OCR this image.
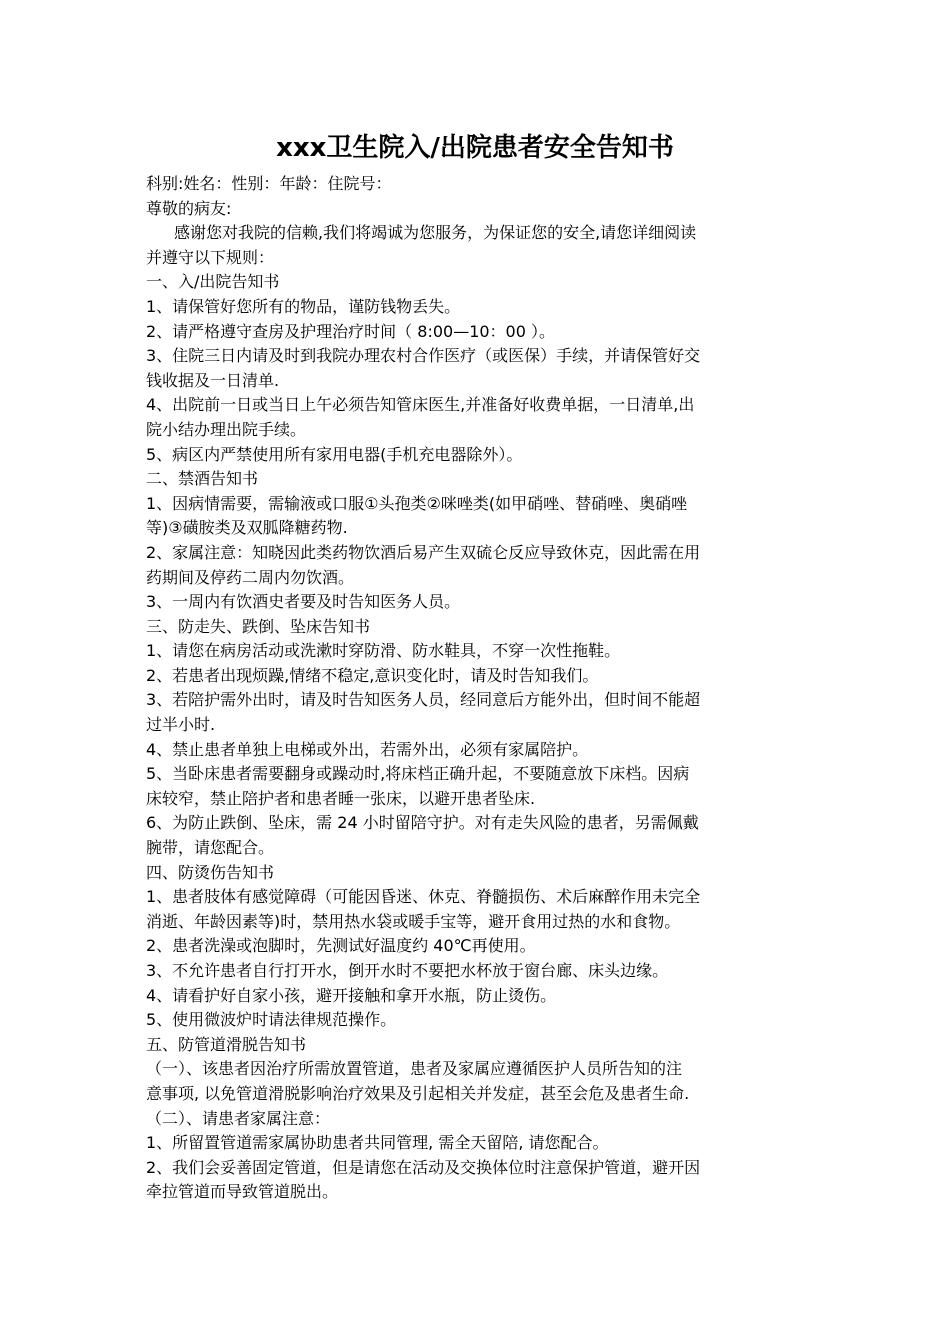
xxx卫生院入/出院患者安全告知书

科别:姓名：性别：年龄：住院号：

尊敬的病友:

感谢您对我院的信赖,我们将竭诚为您服务，为保证您的安全,请您详细阅读

并遵守以下规则：

一、入/出院告知书

1、请保管好您所有的物品，谨防钱物丢失。

2、请严格遵守查房及护理治疗时间（ 8:00—10：00 ）。

3、住院三日内请及时到我院办理农村合作医疗（或医保）手续，并请保管好交

钱收据及一日清单.

4、出院前一日或当日上午必须告知管床医生,并准备好收费单据，一日清单,出

院小结办理出院手续。

5、病区内严禁使用所有家用电器(手机充电器除外）。

二、禁酒告知书

1、因病情需要，需输液或口服①头孢类②咪唑类(如甲硝唑、替硝唑、奥硝唑

等)③磺胺类及双胍降糖药物.

2、家属注意：知晓因此类药物饮酒后易产生双硫仑反应导致休克，因此需在用

药期间及停药二周内勿饮酒。

3、一周内有饮酒史者要及时告知医务人员。

三、防走失、跌倒、坠床告知书

1、请您在病房活动或洗漱时穿防滑、防水鞋具，不穿一次性拖鞋。

2、若患者出现烦躁,情绪不稳定,意识变化时，请及时告知我们。

3、若陪护需外出时，请及时告知医务人员，经同意后方能外出，但时间不能超

过半小时.

4、禁止患者单独上电梯或外出，若需外出，必须有家属陪护。

5、当卧床患者需要翻身或躁动时,将床档正确升起，不要随意放下床档。因病

床较窄，禁止陪护者和患者睡一张床，以避开患者坠床.

6、为防止跌倒、坠床，需 24 小时留陪守护。对有走失风险的患者，另需佩戴

腕带，请您配合。

四、防烫伤告知书

1、患者肢体有感觉障碍（可能因昏迷、休克、脊髓损伤、术后麻醉作用未完全

消逝、年龄因素等)时，禁用热水袋或暖手宝等，避开食用过热的水和食物。

2、患者洗澡或泡脚时，先测试好温度约 40℃再使用。

3、不允许患者自行打开水，倒开水时不要把水杯放于窗台廊、床头边缘。

4、请看护好自家小孩，避开接触和拿开水瓶，防止烫伤。

5、使用微波炉时请法律规范操作。

五、防管道滑脱告知书

（一）、该患者因治疗所需放置管道，患者及家属应遵循医护人员所告知的注

意事项, 以免管道滑脱影响治疗效果及引起相关并发症，甚至会危及患者生命.

（二）、请患者家属注意：

1、所留置管道需家属协助患者共同管理, 需全天留陪, 请您配合。

2、我们会妥善固定管道，但是请您在活动及交换体位时注意保护管道，避开因

牵拉管道而导致管道脱出。
